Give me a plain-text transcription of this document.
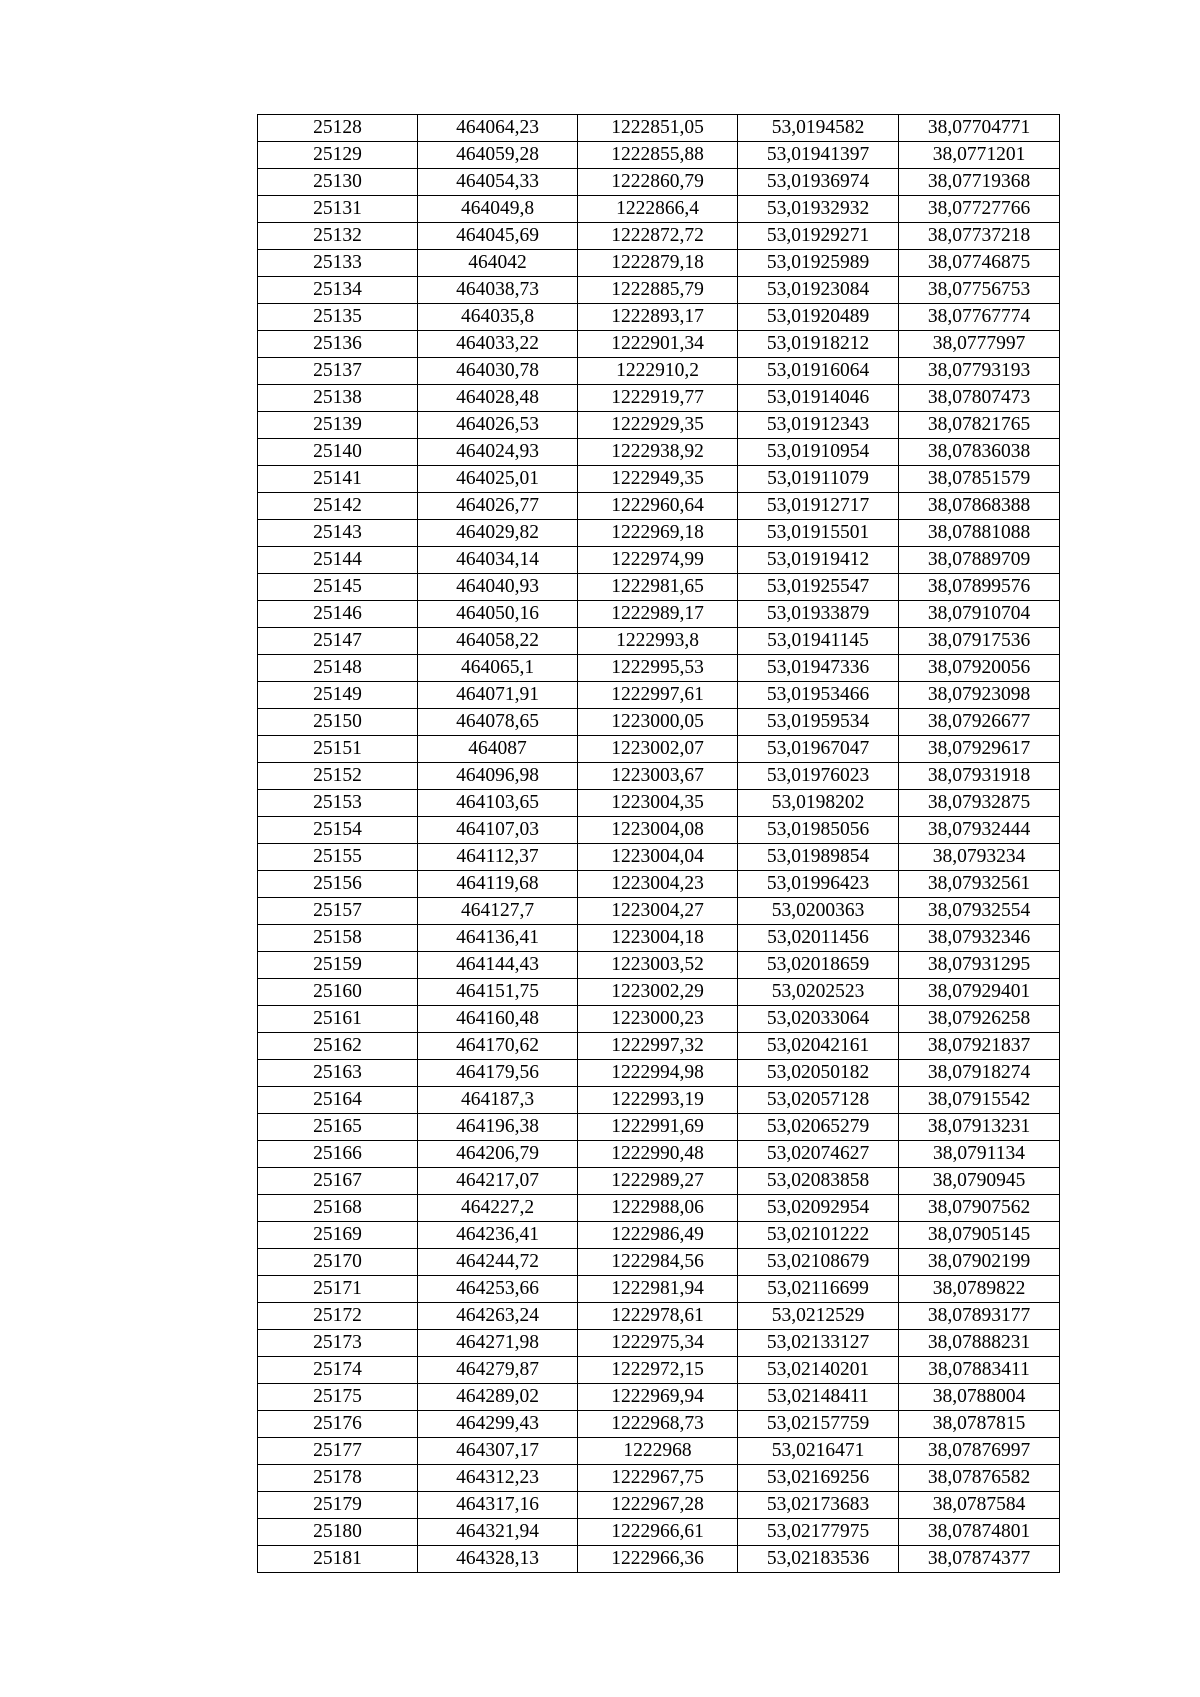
25128	464064,23	1222851,05	53,0194582	38,07704771
25129	464059,28	1222855,88	53,01941397	38,0771201
25130	464054,33	1222860,79	53,01936974	38,07719368
25131	464049,8	1222866,4	53,01932932	38,07727766
25132	464045,69	1222872,72	53,01929271	38,07737218
25133	464042	1222879,18	53,01925989	38,07746875
25134	464038,73	1222885,79	53,01923084	38,07756753
25135	464035,8	1222893,17	53,01920489	38,07767774
25136	464033,22	1222901,34	53,01918212	38,0777997
25137	464030,78	1222910,2	53,01916064	38,07793193
25138	464028,48	1222919,77	53,01914046	38,07807473
25139	464026,53	1222929,35	53,01912343	38,07821765
25140	464024,93	1222938,92	53,01910954	38,07836038
25141	464025,01	1222949,35	53,01911079	38,07851579
25142	464026,77	1222960,64	53,01912717	38,07868388
25143	464029,82	1222969,18	53,01915501	38,07881088
25144	464034,14	1222974,99	53,01919412	38,07889709
25145	464040,93	1222981,65	53,01925547	38,07899576
25146	464050,16	1222989,17	53,01933879	38,07910704
25147	464058,22	1222993,8	53,01941145	38,07917536
25148	464065,1	1222995,53	53,01947336	38,07920056
25149	464071,91	1222997,61	53,01953466	38,07923098
25150	464078,65	1223000,05	53,01959534	38,07926677
25151	464087	1223002,07	53,01967047	38,07929617
25152	464096,98	1223003,67	53,01976023	38,07931918
25153	464103,65	1223004,35	53,0198202	38,07932875
25154	464107,03	1223004,08	53,01985056	38,07932444
25155	464112,37	1223004,04	53,01989854	38,0793234
25156	464119,68	1223004,23	53,01996423	38,07932561
25157	464127,7	1223004,27	53,0200363	38,07932554
25158	464136,41	1223004,18	53,02011456	38,07932346
25159	464144,43	1223003,52	53,02018659	38,07931295
25160	464151,75	1223002,29	53,0202523	38,07929401
25161	464160,48	1223000,23	53,02033064	38,07926258
25162	464170,62	1222997,32	53,02042161	38,07921837
25163	464179,56	1222994,98	53,02050182	38,07918274
25164	464187,3	1222993,19	53,02057128	38,07915542
25165	464196,38	1222991,69	53,02065279	38,07913231
25166	464206,79	1222990,48	53,02074627	38,0791134
25167	464217,07	1222989,27	53,02083858	38,0790945
25168	464227,2	1222988,06	53,02092954	38,07907562
25169	464236,41	1222986,49	53,02101222	38,07905145
25170	464244,72	1222984,56	53,02108679	38,07902199
25171	464253,66	1222981,94	53,02116699	38,0789822
25172	464263,24	1222978,61	53,0212529	38,07893177
25173	464271,98	1222975,34	53,02133127	38,07888231
25174	464279,87	1222972,15	53,02140201	38,07883411
25175	464289,02	1222969,94	53,02148411	38,0788004
25176	464299,43	1222968,73	53,02157759	38,0787815
25177	464307,17	1222968	53,0216471	38,07876997
25178	464312,23	1222967,75	53,02169256	38,07876582
25179	464317,16	1222967,28	53,02173683	38,0787584
25180	464321,94	1222966,61	53,02177975	38,07874801
25181	464328,13	1222966,36	53,02183536	38,07874377
